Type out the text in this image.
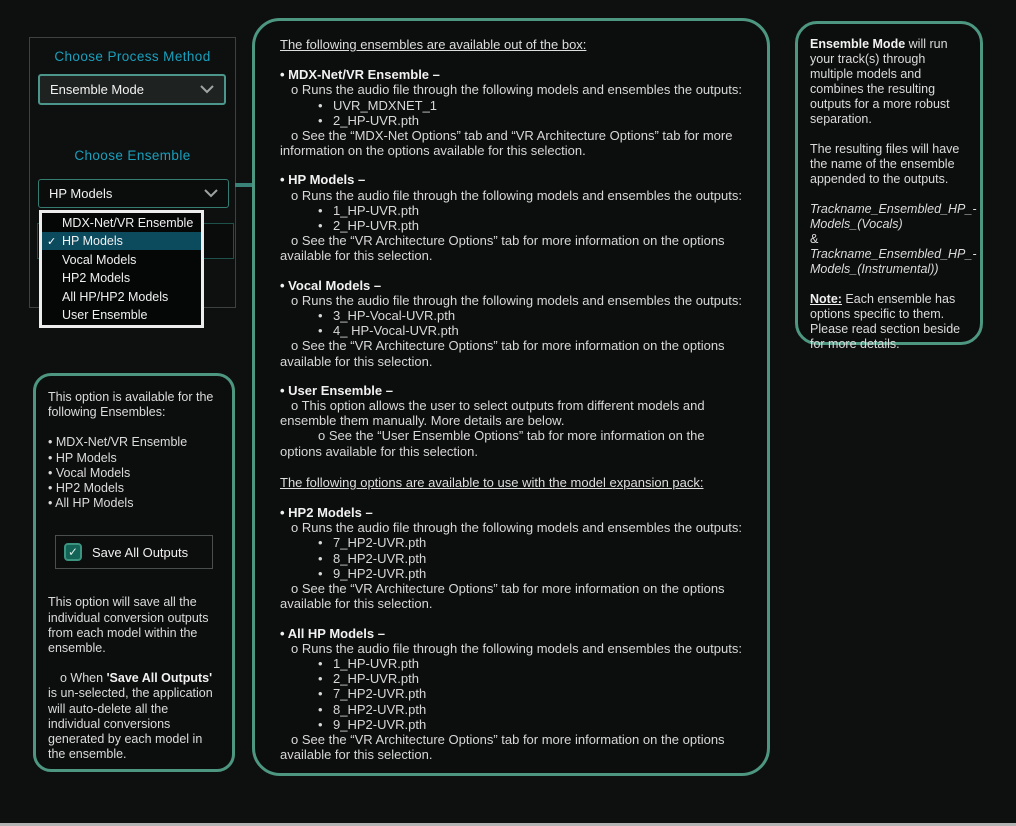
Choose Process Method
Ensemble Mode
Choose Ensemble
HP Models
MDX-Net/VR Ensemble
✓ HP Models
Vocal Models
HP2 Models
All HP/HP2 Models
User Ensemble
The following ensembles are available out of the box:
• MDX-Net/VR Ensemble –

o Runs the audio file through the following models and ensembles the outputs:

• UVR_MDXNET_1
• 2_HP-UVR.pth

o See the “MDX-Net Options” tab and “VR Architecture Options” tab for more information on the options available for this selection.

• HP Models –

o Runs the audio file through the following models and ensembles the outputs:

• 1_HP-UVR.pth
• 2_HP-UVR.pth

o See the “VR Architecture Options” tab for more information on the options available for this selection.

• Vocal Models –

o Runs the audio file through the following models and ensembles the outputs:

• 3_HP-Vocal-UVR.pth
• 4_ HP-Vocal-UVR.pth

o See the “VR Architecture Options” tab for more information on the options available for this selection.

• User Ensemble –

o This option allows the user to select outputs from different models and ensemble them manually. More details are below.

o See the “User Ensemble Options” tab for more information on the options available for this selection.

The following options are available to use with the model expansion pack:
• HP2 Models –

o Runs the audio file through the following models and ensembles the outputs:

• 7_HP2-UVR.pth
• 8_HP2-UVR.pth
• 9_HP2-UVR.pth

o See the “VR Architecture Options” tab for more information on the options available for this selection.

• All HP Models –

o Runs the audio file through the following models and ensembles the outputs:

• 1_HP-UVR.pth
• 2_HP-UVR.pth
• 7_HP2-UVR.pth
• 8_HP2-UVR.pth
• 9_HP2-UVR.pth

o See the “VR Architecture Options” tab for more information on the options available for this selection.

Ensemble Mode will run your track(s) through multiple models and combines the resulting outputs for a more robust separation.

The resulting files will have the name of the ensemble appended to the outputs.

Trackname_Ensembled_HP_-Models_(Vocals)
&
Trackname_Ensembled_HP_-Models_(Instrumental))

Note: Each ensemble has options specific to them. Please read section beside for more details.

This option is available for the following Ensembles:

• MDX-Net/VR Ensemble
• HP Models
• Vocal Models
• HP2 Models
• All HP Models
✓	Save All Outputs

This option will save all the individual conversion outputs from each model within the ensemble.

o When 'Save All Outputs' is un-selected, the application will auto-delete all the individual conversions generated by each model in the ensemble.
